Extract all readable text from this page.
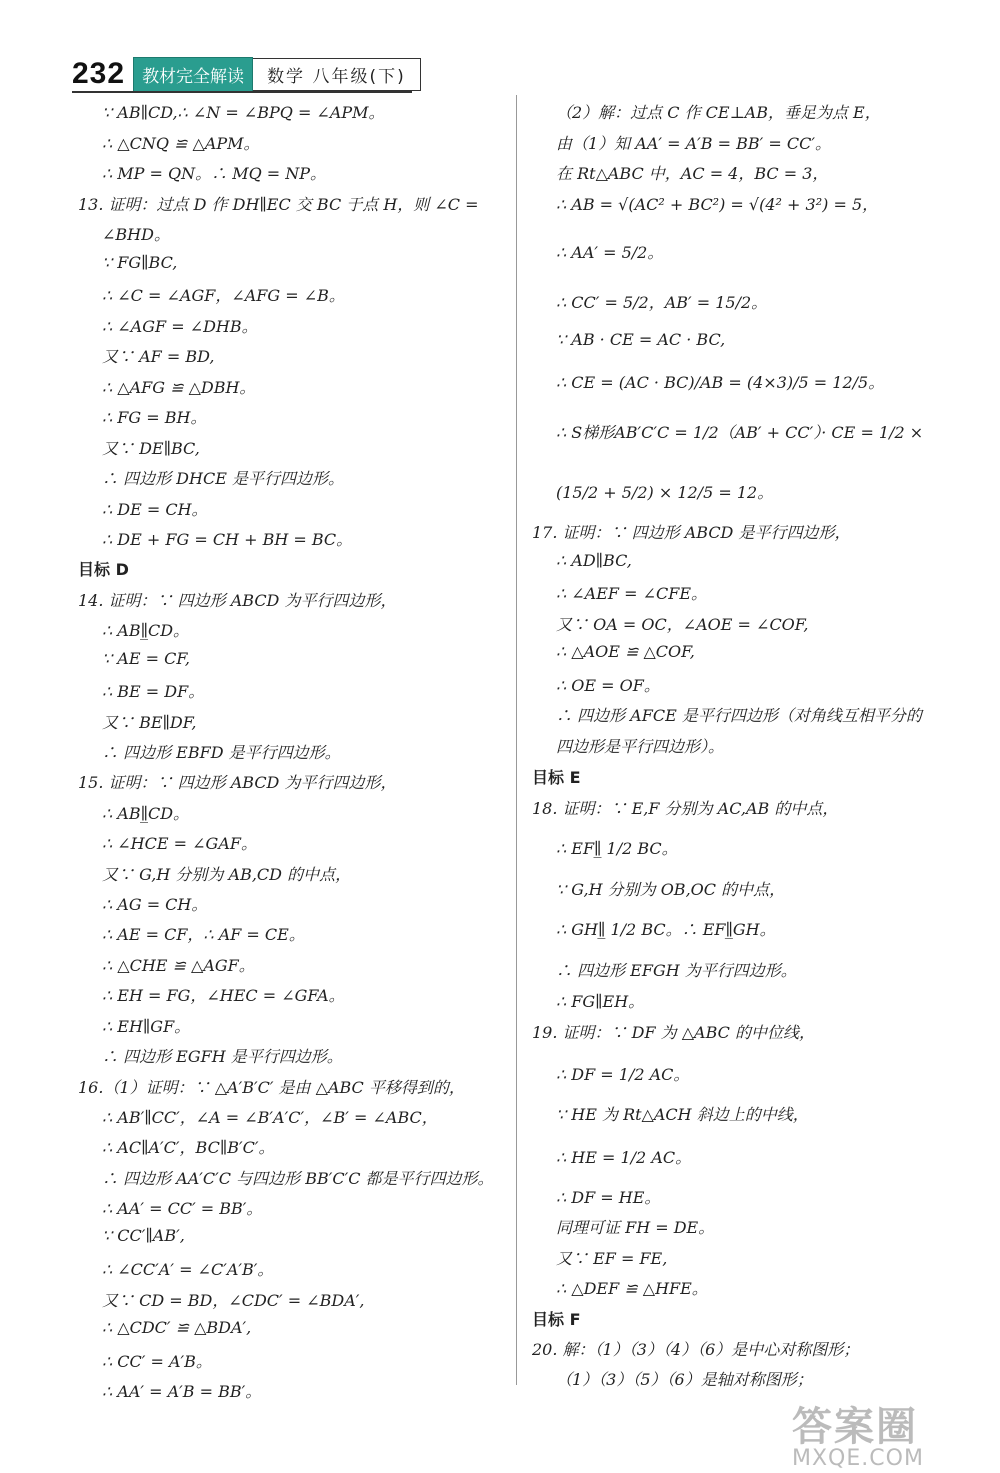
232	教材完全解读	数学 八年级(下)
∵ AB∥CD,∴ ∠N = ∠BPQ = ∠APM。
∴ △CNQ ≌ △APM。
∴ MP = QN。∴ MQ = NP。
13. 证明：过点 D 作 DH∥EC 交 BC 于点 H，则 ∠C =
∠BHD。
∵ FG∥BC,
∴ ∠C = ∠AGF，∠AFG = ∠B。
∴ ∠AGF = ∠DHB。
又∵ AF = BD,
∴ △AFG ≌ △DBH。
∴ FG = BH。
又∵ DE∥BC,
∴ 四边形 DHCE 是平行四边形。
∴ DE = CH。
∴ DE + FG = CH + BH = BC。
目标 D
14. 证明：∵ 四边形 ABCD 为平行四边形，
∴ AB∥̲CD。
∵ AE = CF,
∴ BE = DF。
又∵ BE∥DF,
∴ 四边形 EBFD 是平行四边形。
15. 证明：∵ 四边形 ABCD 为平行四边形，
∴ AB∥̲CD。
∴ ∠HCE = ∠GAF。
又∵ G,H 分别为 AB,CD 的中点，
∴ AG = CH。
∴ AE = CF，∴ AF = CE。
∴ △CHE ≌ △AGF。
∴ EH = FG，∠HEC = ∠GFA。
∴ EH∥GF。
∴ 四边形 EGFH 是平行四边形。
16.（1）证明：∵ △A′B′C′ 是由 △ABC 平移得到的，
∴ AB′∥CC′，∠A = ∠B′A′C′，∠B′ = ∠ABC，
∴ AC∥A′C′，BC∥B′C′。
∴ 四边形 AA′C′C 与四边形 BB′C′C 都是平行四边形。
∴ AA′ = CC′ = BB′。
∵ CC′∥AB′,
∴ ∠CC′A′ = ∠C′A′B′。
又∵ CD = BD，∠CDC′ = ∠BDA′,
∴ △CDC′ ≌ △BDA′,
∴ CC′ = A′B。
∴ AA′ = A′B = BB′。
（2）解：过点 C 作 CE⊥AB，垂足为点 E，
由（1）知 AA′ = A′B = BB′ = CC′。
在 Rt△ABC 中，AC = 4，BC = 3，
∴ AB = √(AC² + BC²) = √(4² + 3²) = 5，
∴ AA′ = 5/2。
∴ CC′ = 5/2，AB′ = 15/2。
∵ AB · CE = AC · BC,
∴ CE = (AC · BC)/AB = (4×3)/5 = 12/5。
∴ S梯形AB′C′C = 1/2（AB′ + CC′）· CE = 1/2 ×
(15/2 + 5/2) × 12/5 = 12。
17. 证明：∵ 四边形 ABCD 是平行四边形，
∴ AD∥BC,
∴ ∠AEF = ∠CFE。
又∵ OA = OC，∠AOE = ∠COF,
∴ △AOE ≌ △COF,
∴ OE = OF。
∴ 四边形 AFCE 是平行四边形（对角线互相平分的
四边形是平行四边形）。
目标 E
18. 证明：∵ E,F 分别为 AC,AB 的中点，
∴ EF∥̲ 1/2 BC。
∵ G,H 分别为 OB,OC 的中点，
∴ GH∥̲ 1/2 BC。∴ EF∥̲GH。
∴ 四边形 EFGH 为平行四边形。
∴ FG∥EH。
19. 证明：∵ DF 为 △ABC 的中位线，
∴ DF = 1/2 AC。
∵ HE 为 Rt△ACH 斜边上的中线，
∴ HE = 1/2 AC。
∴ DF = HE。
同理可证 FH = DE。
又∵ EF = FE,
∴ △DEF ≌ △HFE。
目标 F
20. 解：（1）（3）（4）（6）是中心对称图形；
（1）（3）（5）（6）是轴对称图形；
答案圈
MXQE.COM
